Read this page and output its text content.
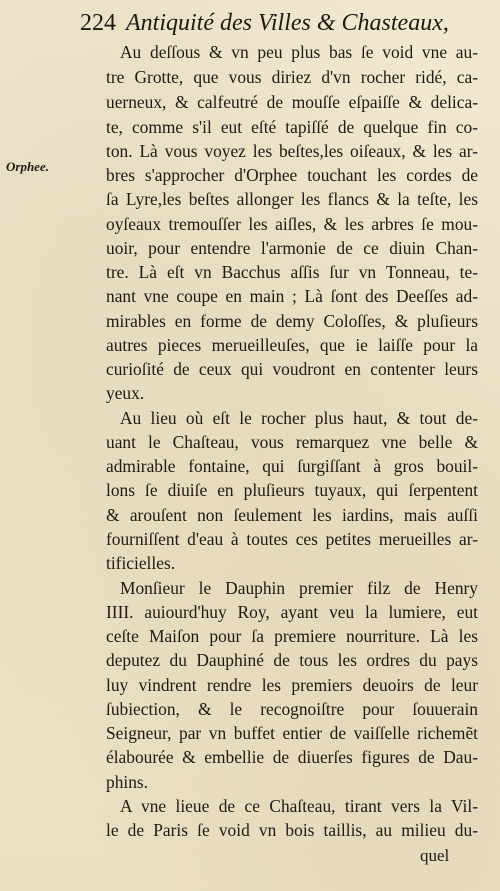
224 Antiquité des Villes & Chasteaux,
Orphee.
Au deſſous & vn peu plus bas ſe void vne au-
tre Grotte, que vous diriez d'vn rocher ridé, ca-
uerneux, & calfeutré de mouſſe eſpaiſſe & delica-
te, comme s'il eut eſté tapiſſé de quelque fin co-
ton. Là vous voyez les beſtes,les oiſeaux, & les ar-
bres s'approcher d'Orphee touchant les cordes de
ſa Lyre,les beſtes allonger les flancs & la teſte, les
oyſeaux tremouſſer les aiſles, & les arbres ſe mou-
uoir, pour entendre l'armonie de ce diuin Chan-
tre. Là eſt vn Bacchus aſſis ſur vn Tonneau, te-
nant vne coupe en main ; Là ſont des Deeſſes ad-
mirables en forme de demy Coloſſes, & pluſieurs
autres pieces merueilleuſes, que ie laiſſe pour la
curioſité de ceux qui voudront en contenter leurs
yeux.
Au lieu où eſt le rocher plus haut, & tout de-
uant le Chaſteau, vous remarquez vne belle &
admirable fontaine, qui ſurgiſſant à gros bouil-
lons ſe diuiſe en pluſieurs tuyaux, qui ſerpentent
& arouſent non ſeulement les iardins, mais auſſi
fourniſſent d'eau à toutes ces petites merueilles ar-
tificielles.
Monſieur le Dauphin premier filz de Henry
IIII. auiourd'huy Roy, ayant veu la lumiere, eut
ceſte Maiſon pour ſa premiere nourriture. Là les
deputez du Dauphiné de tous les ordres du pays
luy vindrent rendre les premiers deuoirs de leur
ſubiection, & le recognoiſtre pour ſouuerain
Seigneur, par vn buffet entier de vaiſſelle richemẽt
élabourée & embellie de diuerſes figures de Dau-
phins.
A vne lieue de ce Chaſteau, tirant vers la Vil-
le de Paris ſe void vn bois taillis, au milieu du-
quel
